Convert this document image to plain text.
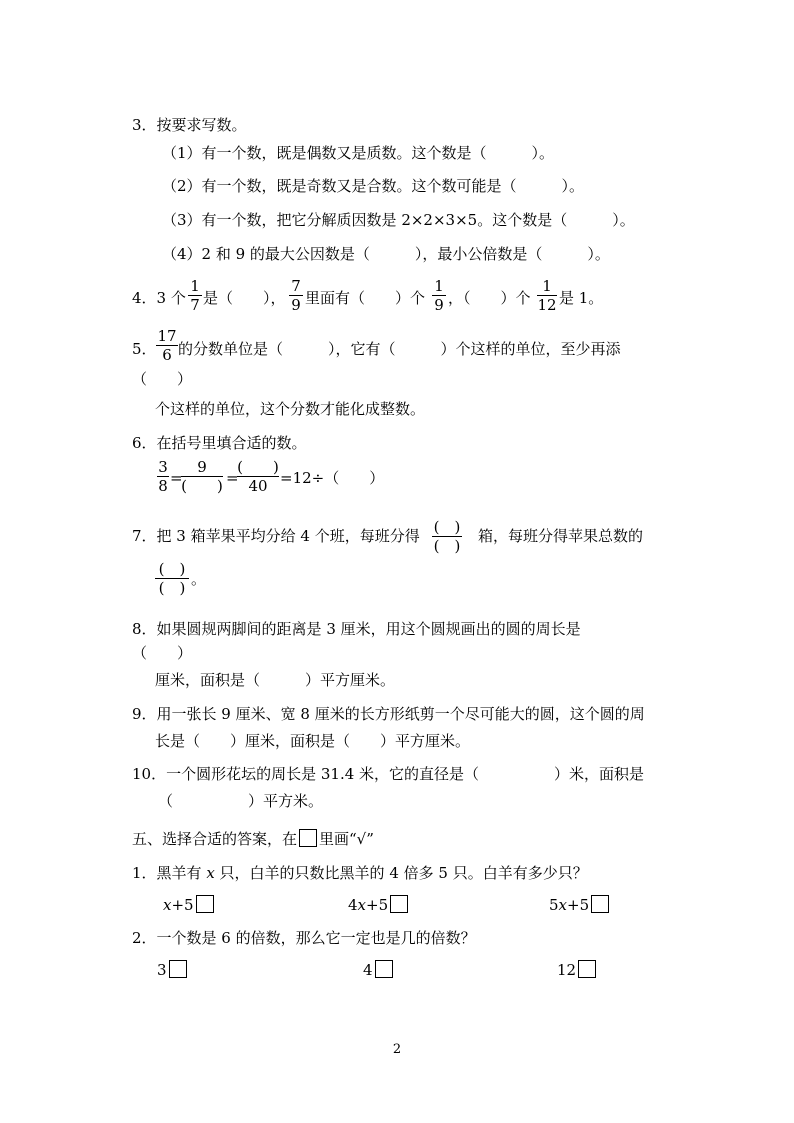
3．按要求写数。
（1）有一个数，既是偶数又是质数。这个数是（　　　）。
（2）有一个数，既是奇数又是合数。这个数可能是（　　　）。
（3）有一个数，把它分解质因数是 2×2×3×5。这个数是（　　　）。
（4）2 和 9 的最大公因数是（　　　），最小公倍数是（　　　）。
4．3 个
1
7 是（　　），
7
9 里面有（　　）个
1
9 ，（　　）个
1
12 是 1。
5．
17
6 的分数单位是（　　　），它有（　　　）个这样的单位，至少再添
（　　）
个这样的单位，这个分数才能化成整数。
6．在括号里填合适的数。
3
8 =
9
(　　) =
(　　)
40 =12÷（　　）
7．把 3 箱苹果平均分给 4 个班，每班分得 (　)
(　)
箱，每班分得苹果总数的
(　)
(　) 。
8．如果圆规两脚间的距离是 3 厘米，用这个圆规画出的圆的周长是
（　　）
厘米，面积是（　　　）平方厘米。
9．用一张长 9 厘米、宽 8 厘米的长方形纸剪一个尽可能大的圆，这个圆的周
长是（　　）厘米，面积是（　　）平方厘米。
10．一个圆形花坛的周长是 31.4 米，它的直径是（　　　　　）米，面积是
（　　　　　）平方米。
五、选择合适的答案，在 里画“√”
1．黑羊有 x 只，白羊的只数比黑羊的 4 倍多 5 只。白羊有多少只？
x+5	4x+5	5x+5
2．一个数是 6 的倍数，那么它一定也是几的倍数？
3	4	12
2
